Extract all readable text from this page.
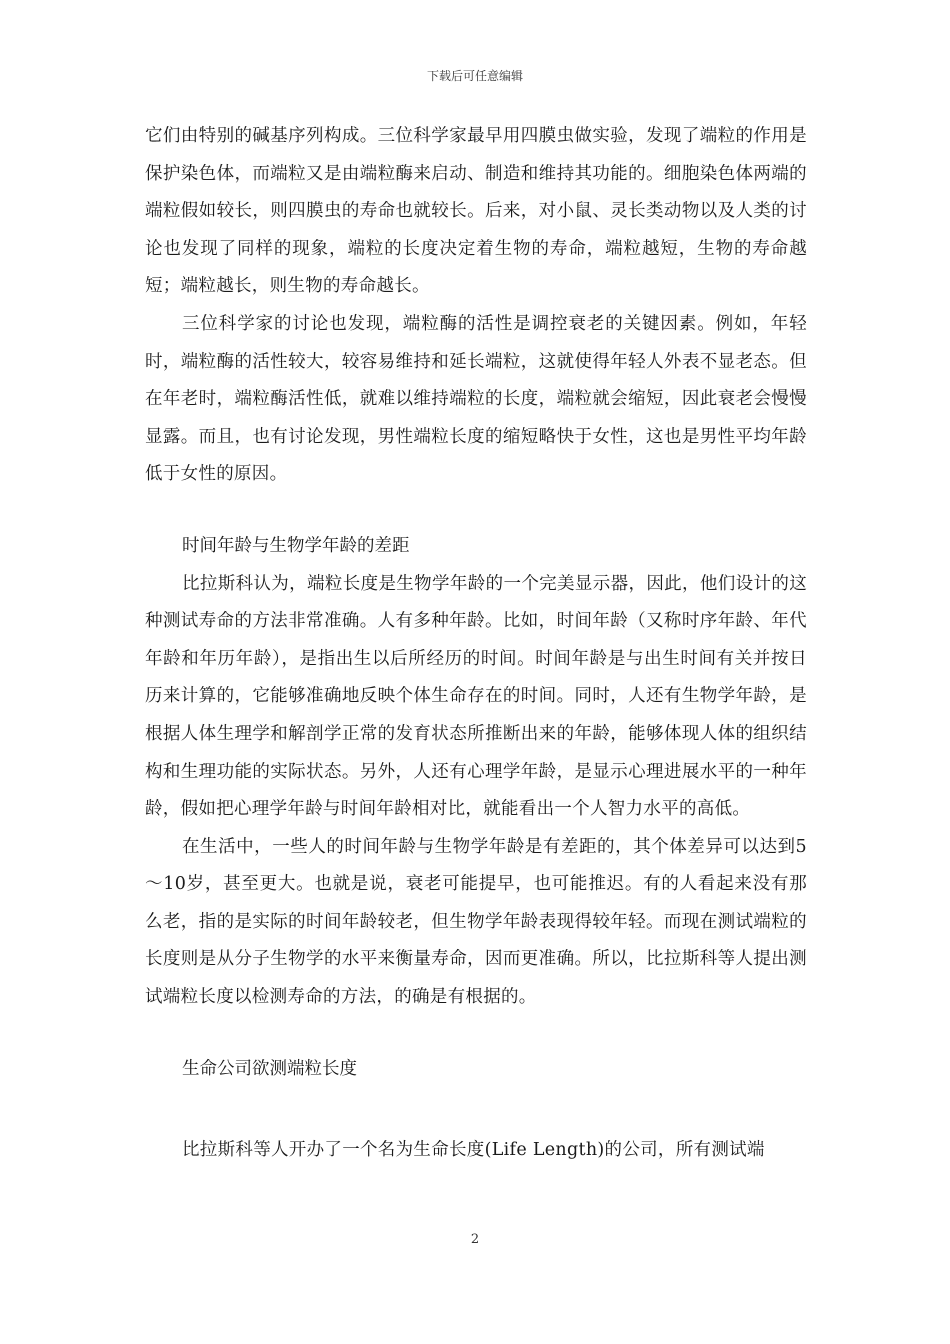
下载后可任意编辑

它们由特别的碱基序列构成。三位科学家最早用四膜虫做实验，发现了端粒的作用是保护染色体，而端粒又是由端粒酶来启动、制造和维持其功能的。细胞染色体两端的端粒假如较长，则四膜虫的寿命也就较长。后来，对小鼠、灵长类动物以及人类的讨论也发现了同样的现象，端粒的长度决定着生物的寿命，端粒越短，生物的寿命越短；端粒越长，则生物的寿命越长。

三位科学家的讨论也发现，端粒酶的活性是调控衰老的关键因素。例如，年轻时，端粒酶的活性较大，较容易维持和延长端粒，这就使得年轻人外表不显老态。但在年老时，端粒酶活性低，就难以维持端粒的长度，端粒就会缩短，因此衰老会慢慢显露。而且，也有讨论发现，男性端粒长度的缩短略快于女性，这也是男性平均年龄低于女性的原因。

时间年龄与生物学年龄的差距

比拉斯科认为，端粒长度是生物学年龄的一个完美显示器，因此，他们设计的这种测试寿命的方法非常准确。人有多种年龄。比如，时间年龄（又称时序年龄、年代年龄和年历年龄），是指出生以后所经历的时间。时间年龄是与出生时间有关并按日历来计算的，它能够准确地反映个体生命存在的时间。同时，人还有生物学年龄，是根据人体生理学和解剖学正常的发育状态所推断出来的年龄，能够体现人体的组织结构和生理功能的实际状态。另外，人还有心理学年龄，是显示心理进展水平的一种年龄，假如把心理学年龄与时间年龄相对比，就能看出一个人智力水平的高低。

在生活中，一些人的时间年龄与生物学年龄是有差距的，其个体差异可以达到5～10岁，甚至更大。也就是说，衰老可能提早，也可能推迟。有的人看起来没有那么老，指的是实际的时间年龄较老，但生物学年龄表现得较年轻。而现在测试端粒的长度则是从分子生物学的水平来衡量寿命，因而更准确。所以，比拉斯科等人提出测试端粒长度以检测寿命的方法，的确是有根据的。

生命公司欲测端粒长度

比拉斯科等人开办了一个名为生命长度(Life Length)的公司，所有测试端

2
